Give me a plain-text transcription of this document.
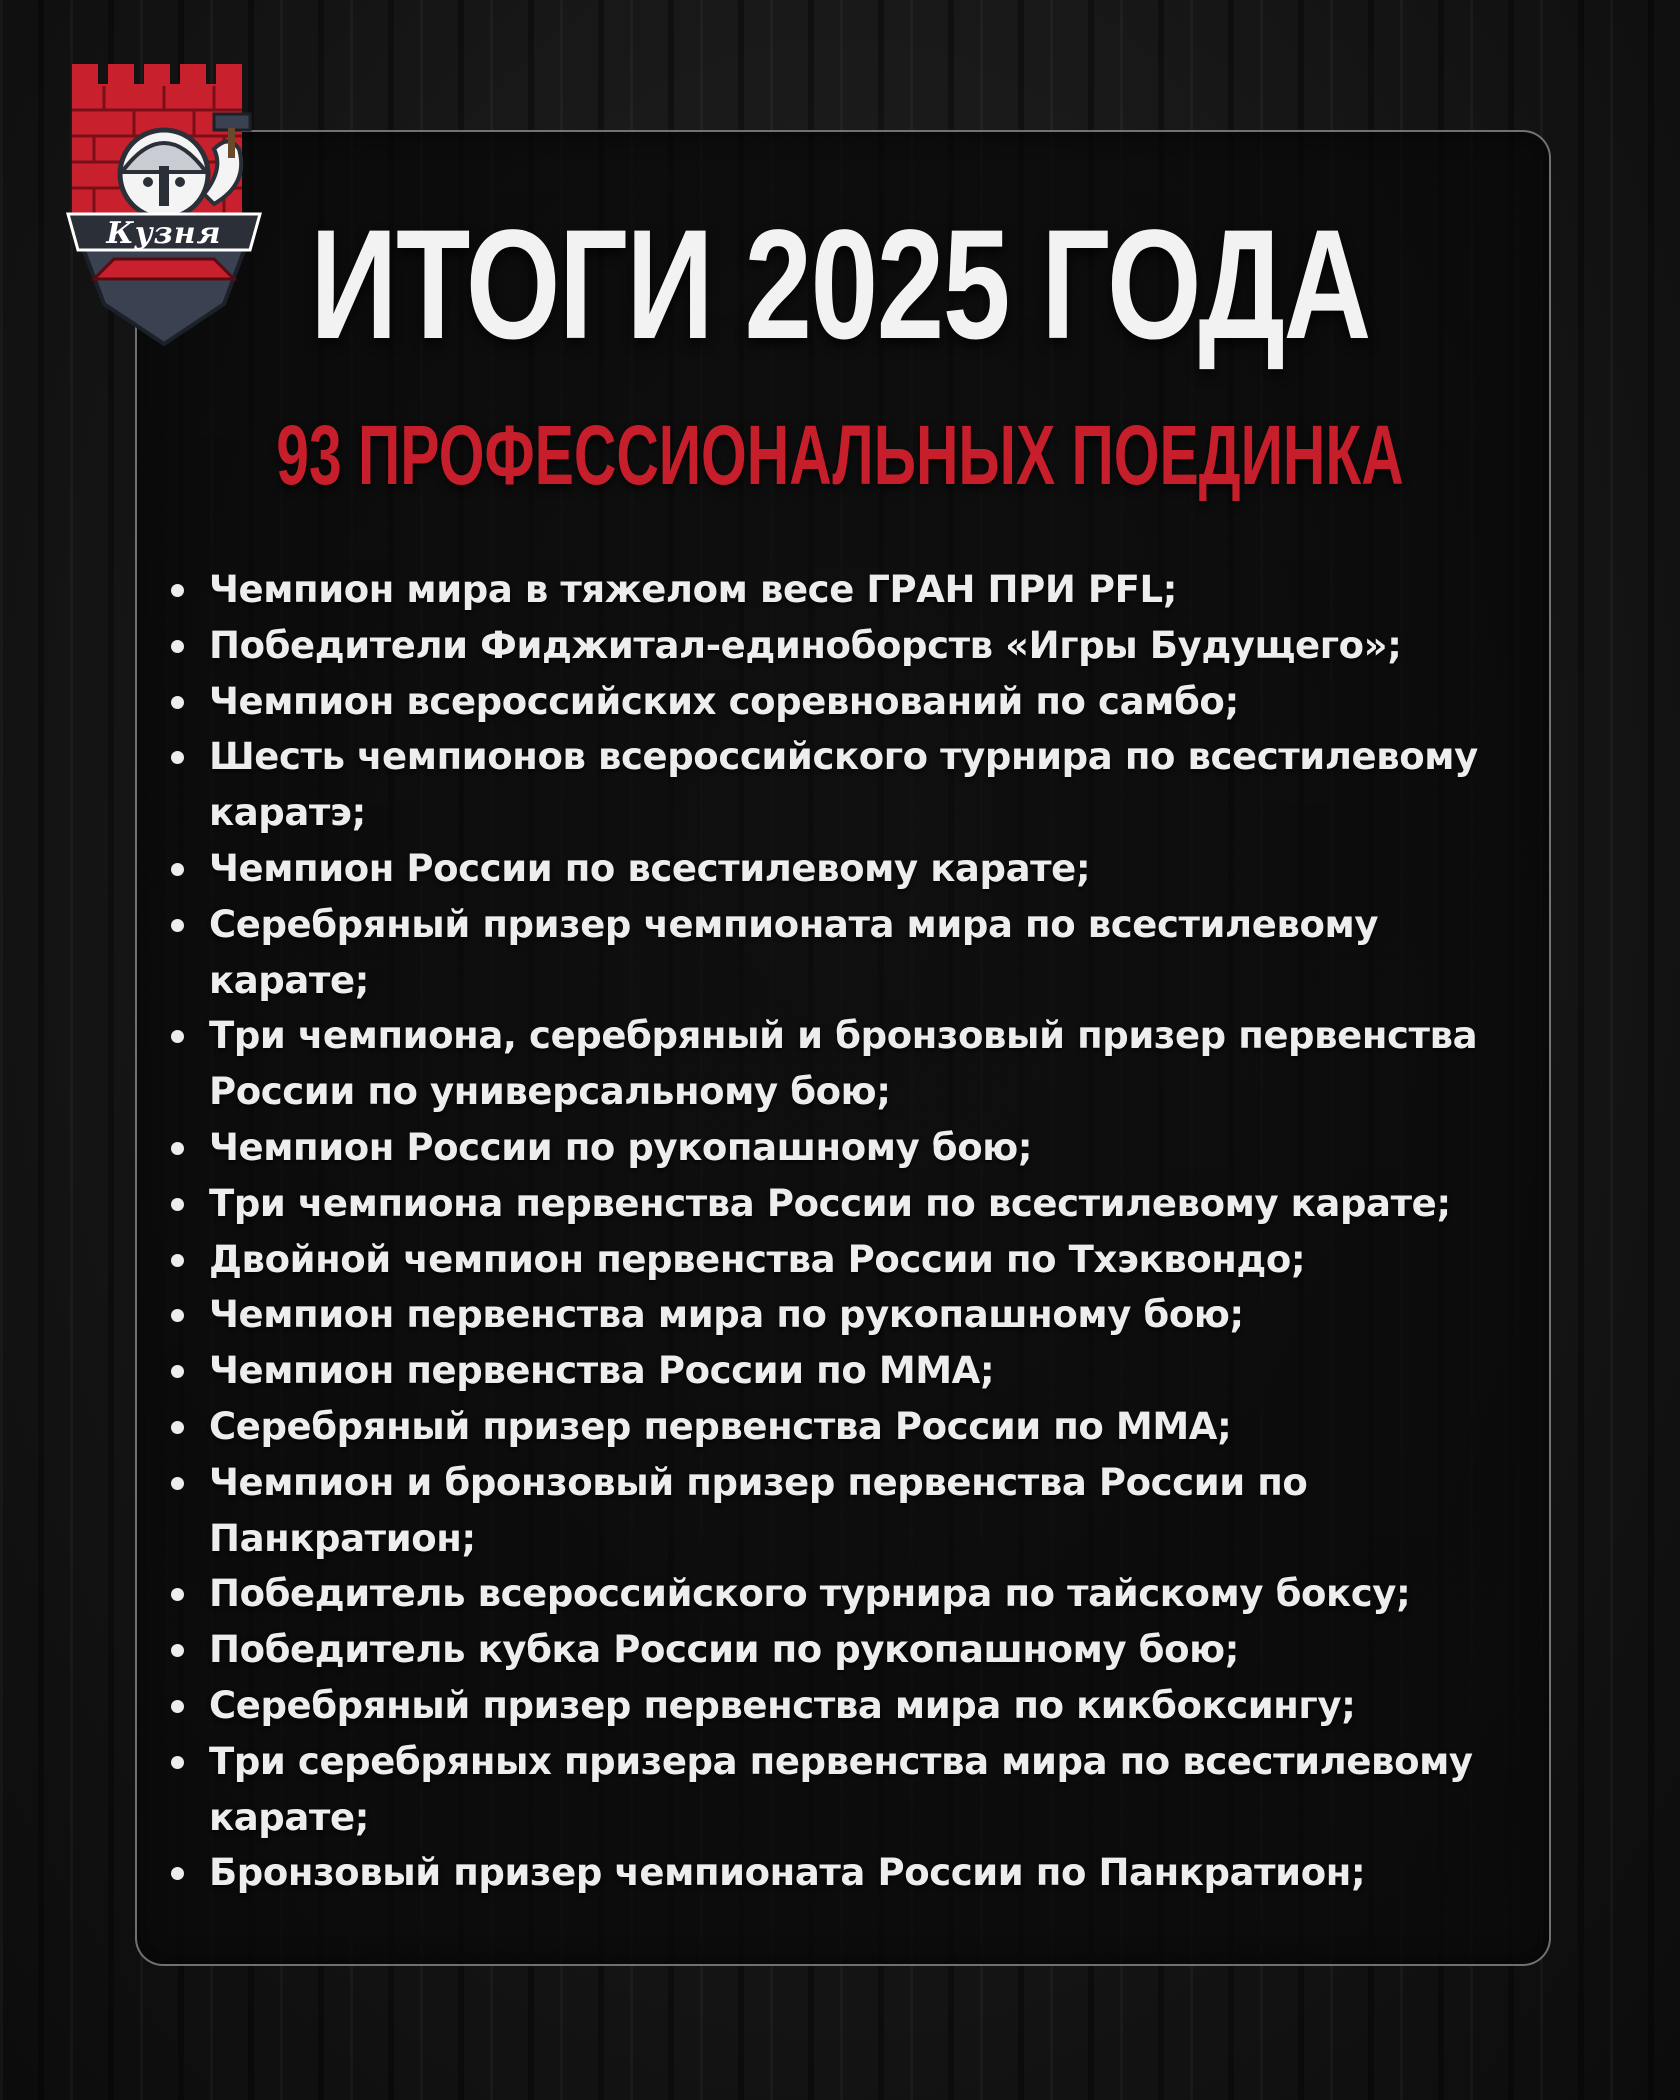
Кузня ИТОГИ 2025 ГОДА
93 ПРОФЕССИОНАЛЬНЫХ ПОЕДИНКА
Чемпион мира в тяжелом весе ГРАН ПРИ PFL;
Победители Фиджитал-единоборств «Игры Будущего»;
Чемпион всероссийских соревнований по самбо;
Шесть чемпионов всероссийского турнира по всестилевому каратэ;
Чемпион России по всестилевому карате;
Серебряный призер чемпионата мира по всестилевому карате;
Три чемпиона, серебряный и бронзовый призер первенства России по универсальному бою;
Чемпион России по рукопашному бою;
Три чемпиона первенства России по всестилевому карате;
Двойной чемпион первенства России по Тхэквондо;
Чемпион первенства мира по рукопашному бою;
Чемпион первенства России по ММА;
Серебряный призер первенства России по ММА;
Чемпион и бронзовый призер первенства России по Панкратион;
Победитель всероссийского турнира по тайскому боксу;
Победитель кубка России по рукопашному бою;
Серебряный призер первенства мира по кикбоксингу;
Три серебряных призера первенства мира по всестилевому карате;
Бронзовый призер чемпионата России по Панкратион;
